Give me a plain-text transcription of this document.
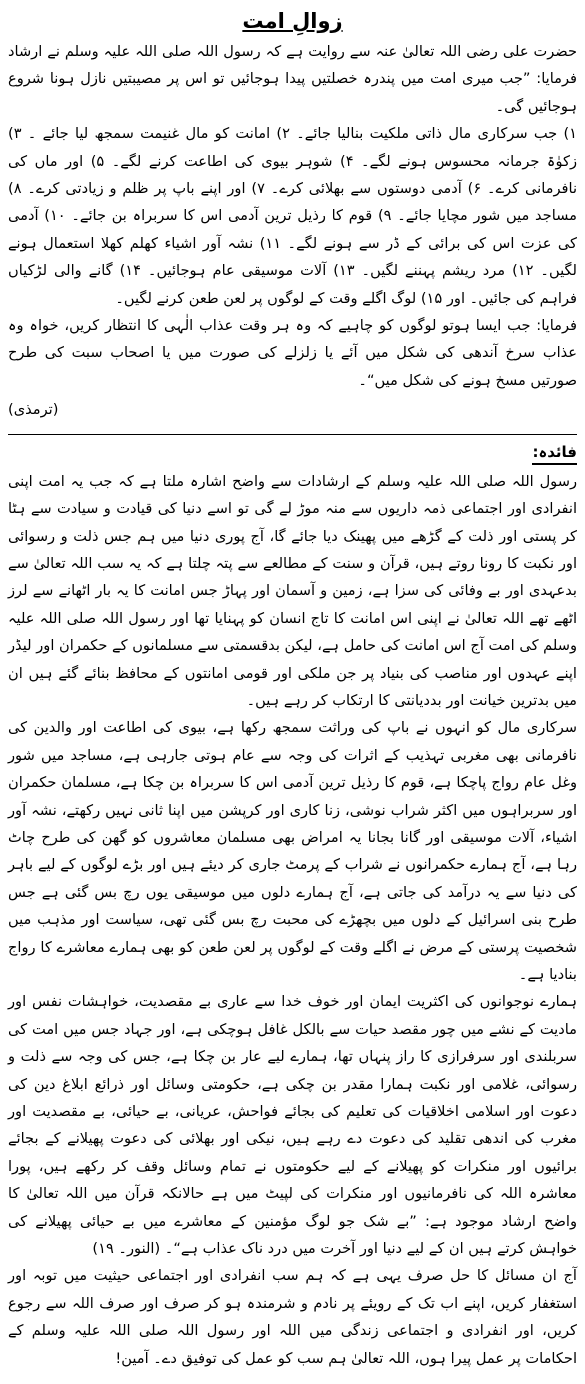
زوالِ امت

حضرت علی رضی اللہ تعالیٰ عنہ سے روایت ہے کہ رسول اللہ صلی اللہ علیہ وسلم نے ارشاد فرمایا: ”جب میری امت میں پندرہ خصلتیں پیدا ہوجائیں تو اس پر مصیبتیں نازل ہونا شروع ہوجائیں گی۔

۱) جب سرکاری مال ذاتی ملکیت بنالیا جائے۔ ۲) امانت کو مال غنیمت سمجھ لیا جائے ۔ ۳) زکوٰۃ جرمانہ محسوس ہونے لگے۔ ۴) شوہر بیوی کی اطاعت کرنے لگے۔ ۵) اور ماں کی نافرمانی کرے۔ ۶) آدمی دوستوں سے بھلائی کرے۔ ۷) اور اپنے باپ پر ظلم و زیادتی کرے۔ ۸) مساجد میں شور مچایا جائے۔ ۹) قوم کا رذیل ترین آدمی اس کا سربراہ بن جائے۔ ۱۰) آدمی کی عزت اس کی برائی کے ڈر سے ہونے لگے۔ ۱۱) نشہ آور اشیاء کھلم کھلا استعمال ہونے لگیں۔ ۱۲) مرد ریشم پہننے لگیں۔ ۱۳) آلات موسیقی عام ہوجائیں۔ ۱۴) گانے والی لڑکیاں فراہم کی جائیں۔ اور ۱۵) لوگ اگلے وقت کے لوگوں پر لعن طعن کرنے لگیں۔

فرمایا: جب ایسا ہوتو لوگوں کو چاہیے کہ وہ ہر وقت عذاب الٰہی کا انتظار کریں، خواہ وہ عذاب سرخ آندھی کی شکل میں آئے یا زلزلے کی صورت میں یا اصحاب سبت کی طرح صورتیں مسخ ہونے کی شکل میں“۔

(ترمذی)
فائدہ:

رسول اللہ صلی اللہ علیہ وسلم کے ارشادات سے واضح اشارہ ملتا ہے کہ جب یہ امت اپنی انفرادی اور اجتماعی ذمہ داریوں سے منہ موڑ لے گی تو اسے دنیا کی قیادت و سیادت سے ہٹا کر پستی اور ذلت کے گڑھے میں پھینک دیا جائے گا، آج پوری دنیا میں ہم جس ذلت و رسوائی اور نکبت کا رونا روتے ہیں، قرآن و سنت کے مطالعے سے پتہ چلتا ہے کہ یہ سب اللہ تعالیٰ سے بدعہدی اور بے وفائی کی سزا ہے، زمین و آسمان اور پہاڑ جس امانت کا یہ بار اٹھانے سے لرز اٹھے تھے اللہ تعالیٰ نے اپنی اس امانت کا تاج انسان کو پہنایا تھا اور رسول اللہ صلی اللہ علیہ وسلم کی امت آج اس امانت کی حامل ہے، لیکن بدقسمتی سے مسلمانوں کے حکمران اور لیڈر اپنے عہدوں اور مناصب کی بنیاد پر جن ملکی اور قومی امانتوں کے محافظ بنائے گئے ہیں ان میں بدترین خیانت اور بددیانتی کا ارتکاب کر رہے ہیں۔

سرکاری مال کو انہوں نے باپ کی وراثت سمجھ رکھا ہے، بیوی کی اطاعت اور والدین کی نافرمانی بھی مغربی تہذیب کے اثرات کی وجہ سے عام ہوتی جارہی ہے، مساجد میں شور وغل عام رواج پاچکا ہے، قوم کا رذیل ترین آدمی اس کا سربراہ بن چکا ہے، مسلمان حکمران اور سربراہوں میں اکثر شراب نوشی، زنا کاری اور کرپشن میں اپنا ثانی نہیں رکھتے، نشہ آور اشیاء، آلات موسیقی اور گانا بجانا یہ امراض بھی مسلمان معاشروں کو گھن کی طرح چاٹ رہا ہے، آج ہمارے حکمرانوں نے شراب کے پرمٹ جاری کر دیئے ہیں اور بڑے لوگوں کے لیے باہر کی دنیا سے یہ درآمد کی جاتی ہے، آج ہمارے دلوں میں موسیقی یوں رچ بس گئی ہے جس طرح بنی اسرائیل کے دلوں میں بچھڑے کی محبت رچ بس گئی تھی، سیاست اور مذہب میں شخصیت پرستی کے مرض نے اگلے وقت کے لوگوں پر لعن طعن کو بھی ہمارے معاشرے کا رواج بنادیا ہے۔

ہمارے نوجوانوں کی اکثریت ایمان اور خوف خدا سے عاری بے مقصدیت، خواہشات نفس اور مادیت کے نشے میں چور مقصد حیات سے بالکل غافل ہوچکی ہے، اور جہاد جس میں امت کی سربلندی اور سرفرازی کا راز پنہاں تھا، ہمارے لیے عار بن چکا ہے، جس کی وجہ سے ذلت و رسوائی، غلامی اور نکبت ہمارا مقدر بن چکی ہے، حکومتی وسائل اور ذرائع ابلاغ دین کی دعوت اور اسلامی اخلاقیات کی تعلیم کی بجائے فواحش، عریانی، بے حیائی، بے مقصدیت اور مغرب کی اندھی تقلید کی دعوت دے رہے ہیں، نیکی اور بھلائی کی دعوت پھیلانے کے بجائے برائیوں اور منکرات کو پھیلانے کے لیے حکومتوں نے تمام وسائل وقف کر رکھے ہیں، پورا معاشرہ اللہ کی نافرمانیوں اور منکرات کی لپیٹ میں ہے حالانکہ قرآن میں اللہ تعالیٰ کا واضح ارشاد موجود ہے: ”بے شک جو لوگ مؤمنین کے معاشرے میں بے حیائی پھیلانے کی خواہش کرتے ہیں ان کے لیے دنیا اور آخرت میں درد ناک عذاب ہے“۔ (النور۔ ۱۹)

آج ان مسائل کا حل صرف یہی ہے کہ ہم سب انفرادی اور اجتماعی حیثیت میں توبہ اور استغفار کریں، اپنے اب تک کے رویئے پر نادم و شرمندہ ہو کر صرف اور صرف اللہ سے رجوع کریں، اور انفرادی و اجتماعی زندگی میں اللہ اور رسول اللہ صلی اللہ علیہ وسلم کے احکامات پر عمل پیرا ہوں، اللہ تعالیٰ ہم سب کو عمل کی توفیق دے۔ آمین!
